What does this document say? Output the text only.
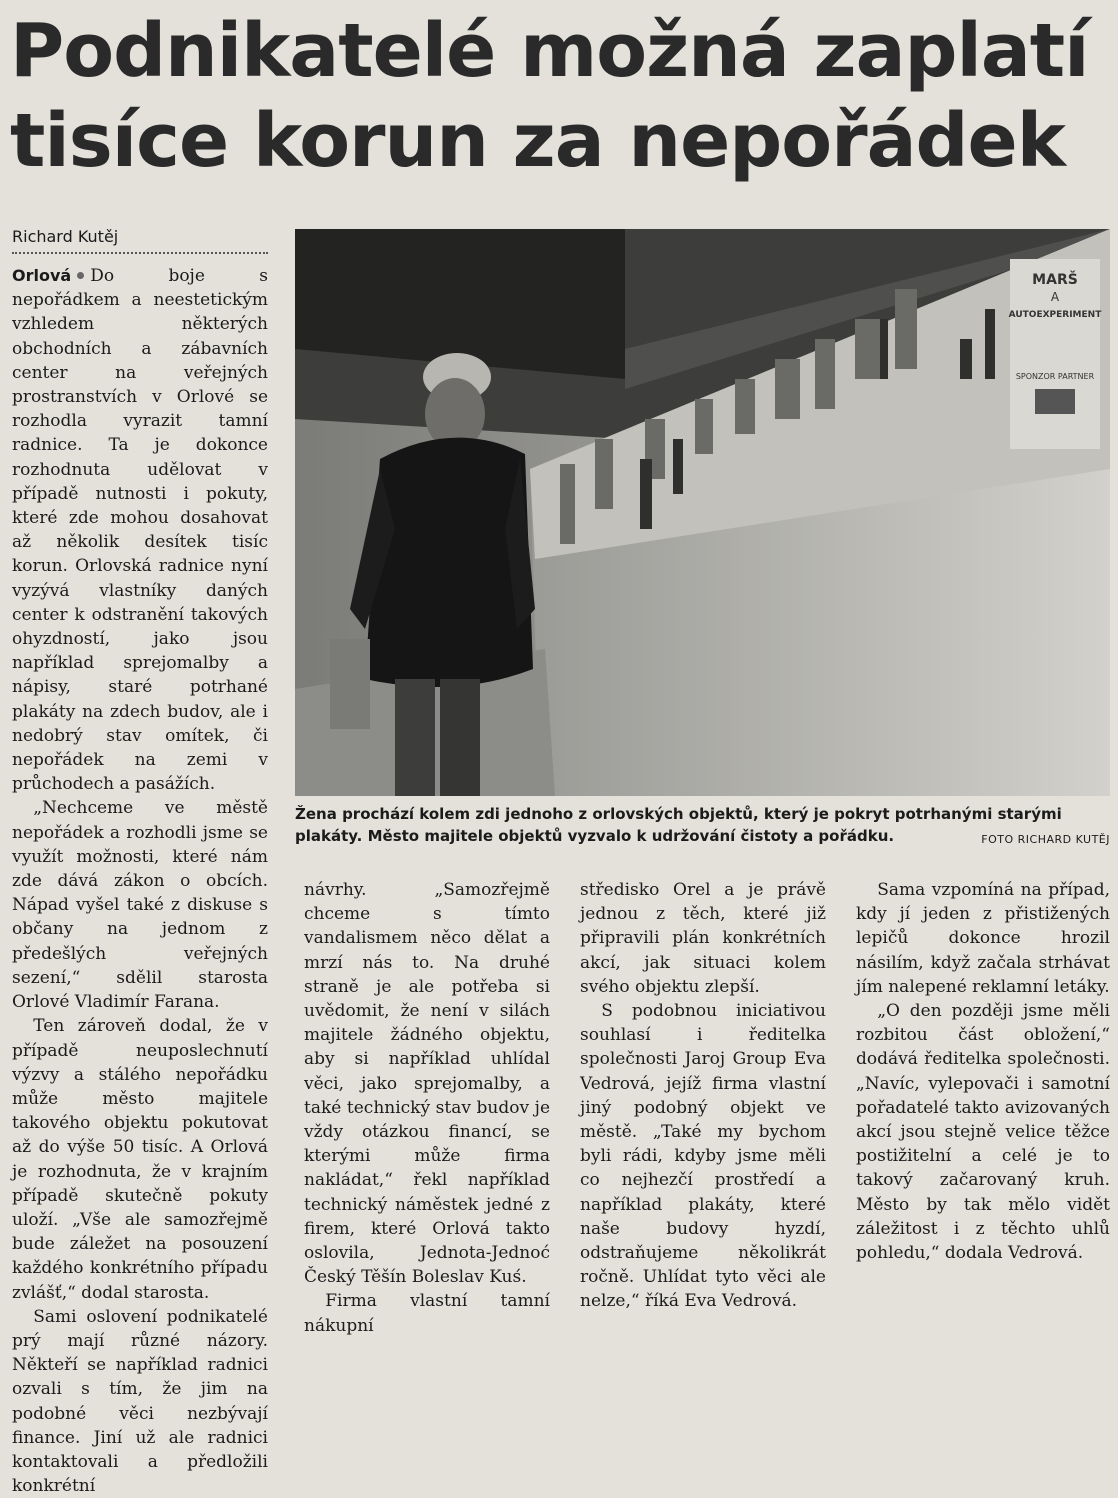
Podnikatelé možná zaplatí
tisíce korun za nepořádek
Richard Kutěj

Orlová Do boje s nepořádkem a neestetickým vzhledem některých obchodních a zábavních center na veřejných prostranstvích v Orlové se rozhodla vyrazit tamní radnice. Ta je dokonce rozhodnuta udělovat v případě nutnosti i pokuty, které zde mohou dosahovat až několik desítek tisíc korun. Orlovská radnice nyní vyzývá vlastníky daných center k odstranění takových ohyzdností, jako jsou například sprejomalby a nápisy, staré potrhané plakáty na zdech budov, ale i nedobrý stav omítek, či nepořádek na zemi v průchodech a pasážích.

„Nechceme ve městě nepořádek a rozhodli jsme se využít možnosti, které nám zde dává zákon o obcích. Nápad vyšel také z diskuse s občany na jednom z předešlých veřejných sezení,“ sdělil starosta Orlové Vladimír Farana.

Ten zároveň dodal, že v případě neuposlechnutí výzvy a stálého nepořádku může město majitele takového objektu pokutovat až do výše 50 tisíc. A Orlová je rozhodnuta, že v krajním případě skutečně pokuty uloží. „Vše ale samozřejmě bude záležet na posouzení každého konkrétního případu zvlášť,“ dodal starosta.

Sami oslovení podnikatelé prý mají různé názory. Někteří se například radnici ozvali s tím, že jim na podobné věci nezbývají finance. Jiní už ale radnici kontaktovali a předložili konkrétní

MARŠ
A
AUTOEXPERIMENT
SPONZOR PARTNER
Žena prochází kolem zdi jednoho z orlovských objektů, který je pokryt potrhanými starými plakáty. Město majitele objektů vyzvalo k udržování čistoty a pořádku.	FOTO RICHARD KUTĚJ

návrhy. „Samozřejmě chceme s tímto vandalismem něco dělat a mrzí nás to. Na druhé straně je ale potřeba si uvědomit, že není v silách majitele žádného objektu, aby si například uhlídal věci, jako sprejomalby, a také technický stav budov je vždy otázkou financí, se kterými může firma nakládat,“ řekl například technický náměstek jedné z firem, které Orlová takto oslovila, Jednota-Jednoć Český Těšín Boleslav Kuś.

Firma vlastní tamní nákupní

středisko Orel a je právě jednou z těch, které již připravili plán konkrétních akcí, jak situaci kolem svého objektu zlepší.

S podobnou iniciativou souhlasí i ředitelka společnosti Jaroj Group Eva Vedrová, jejíž firma vlastní jiný podobný objekt ve městě. „Také my bychom byli rádi, kdyby jsme měli co nejhezčí prostředí a například plakáty, které naše budovy hyzdí, odstraňujeme několikrát ročně. Uhlídat tyto věci ale nelze,“ říká Eva Vedrová.

Sama vzpomíná na případ, kdy jí jeden z přistižených lepičů dokonce hrozil násilím, když začala strhávat jím nalepené reklamní letáky.

„O den později jsme měli rozbitou část obložení,“ dodává ředitelka společnosti. „Navíc, vylepovači i samotní pořadatelé takto avizovaných akcí jsou stejně velice těžce postižitelní a celé je to takový začarovaný kruh. Město by tak mělo vidět záležitost i z těchto uhlů pohledu,“ dodala Vedrová.
